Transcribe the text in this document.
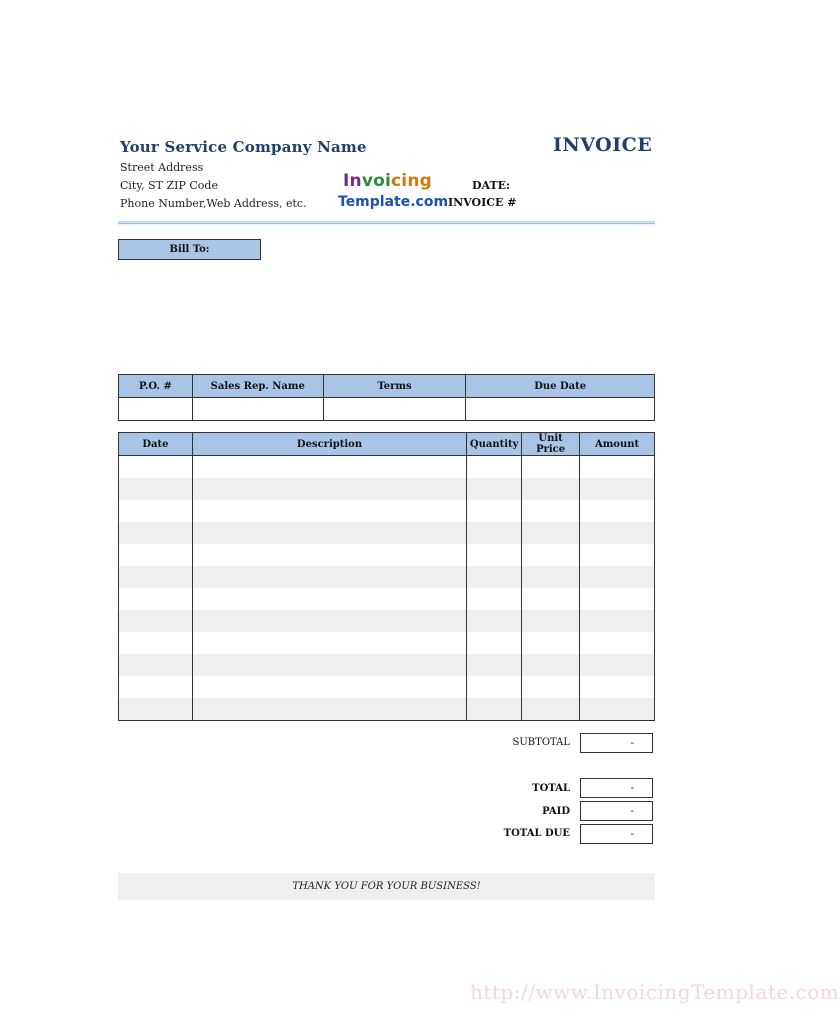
Your Service Company Name
Street Address
City, ST ZIP Code
Phone Number,Web Address, etc.
INVOICE
Invoicing
Template.com
DATE:
INVOICE #
Bill To:
P.O. #	Sales Rep. Name	Terms	Due Date

Date	Description	Quantity	Unit Price	Amount

SUBTOTAL	-
TOTAL	-
PAID	-
TOTAL DUE	-
THANK YOU FOR YOUR BUSINESS!
http://www.InvoicingTemplate.com
